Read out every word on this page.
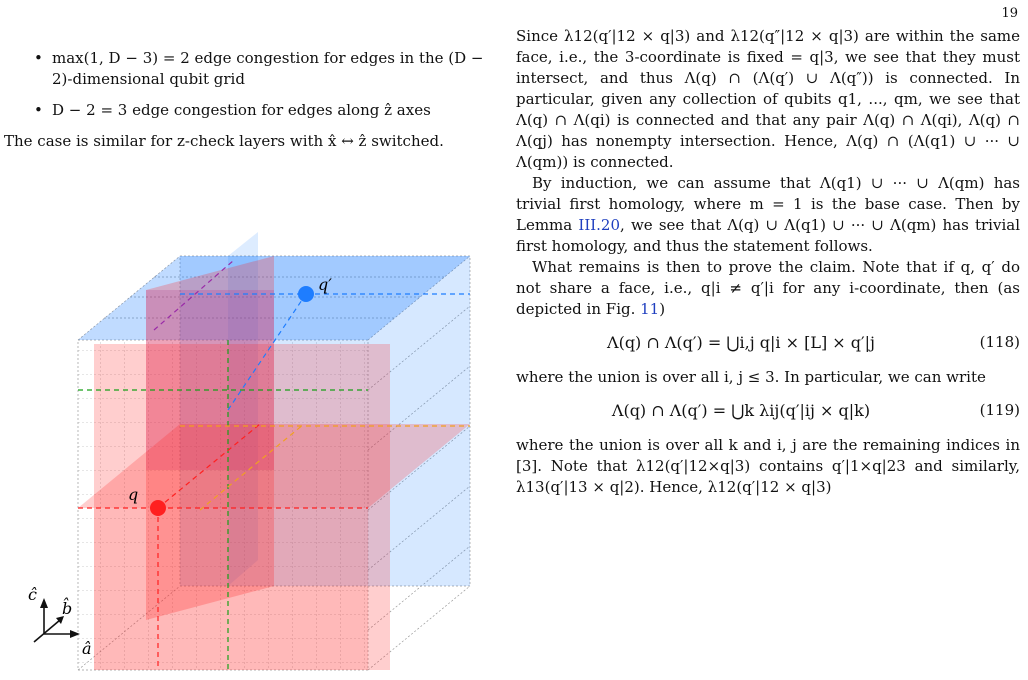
19
• max(1, D − 3) = 2 edge congestion for edges in the (D − 2)-dimensional qubit grid
• D − 2 = 3 edge congestion for edges along ẑ axes

The case is similar for z-check layers with x̂ ↔ ẑ switched.

q
q′
ĉ
b̂
â

Since λ12(q′|12 × q|3) and λ12(q″|12 × q|3) are within the same face, i.e., the 3-coordinate is fixed = q|3, we see that they must intersect, and thus Λ(q) ∩ (Λ(q′) ∪ Λ(q″)) is connected. In particular, given any collection of qubits q1, ..., qm, we see that Λ(q) ∩ Λ(qi) is connected and that any pair Λ(q) ∩ Λ(qi), Λ(q) ∩ Λ(qj) has nonempty intersection. Hence, Λ(q) ∩ (Λ(q1) ∪ ··· ∪ Λ(qm)) is connected.

By induction, we can assume that Λ(q1) ∪ ··· ∪ Λ(qm) has trivial first homology, where m = 1 is the base case. Then by Lemma III.20, we see that Λ(q) ∪ Λ(q1) ∪ ··· ∪ Λ(qm) has trivial first homology, and thus the statement follows.

What remains is then to prove the claim. Note that if q, q′ do not share a face, i.e., q|i ≠ q′|i for any i-coordinate, then (as depicted in Fig. 11)

Λ(q) ∩ Λ(q′) = ⋃i,j q|i × [L] × q′|j	(118)

where the union is over all i, j ≤ 3. In particular, we can write

Λ(q) ∩ Λ(q′) = ⋃k λij(q′|ij × q|k)	(119)

where the union is over all k and i, j are the remaining indices in [3]. Note that λ12(q′|12×q|3) contains q′|1×q|23 and similarly, λ13(q′|13 × q|2). Hence, λ12(q′|12 × q|3)
